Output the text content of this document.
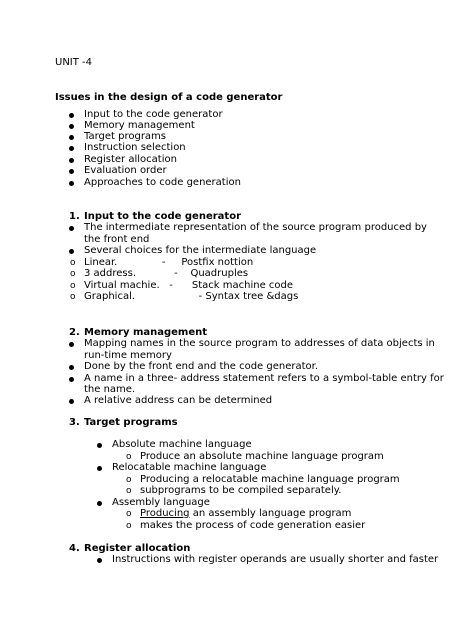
UNIT -4
Issues in the design of a code generator
Input to the code generator
Memory management
Target programs
Instruction selection
Register allocation
Evaluation order
Approaches to code generation
1. Input to the code generator
The intermediate representation of the source program produced by
the front end
Several choices for the intermediate language
o Linear.              -     Postfix nottion
o 3 address.            -    Quadruples
o Virtual machie.   -      Stack machine code
o Graphical.                    - Syntax tree &dags
2. Memory management
Mapping names in the source program to addresses of data objects in
run-time memory
Done by the front end and the code generator.
A name in a three- address statement refers to a symbol-table entry for
the name.
A relative address can be determined
3. Target programs
Absolute machine language
o Produce an absolute machine language program
Relocatable machine language
o Producing a relocatable machine language program
o subprograms to be compiled separately.
Assembly language
o Producing an assembly language program
o makes the process of code generation easier
4. Register allocation
Instructions with register operands are usually shorter and faster
